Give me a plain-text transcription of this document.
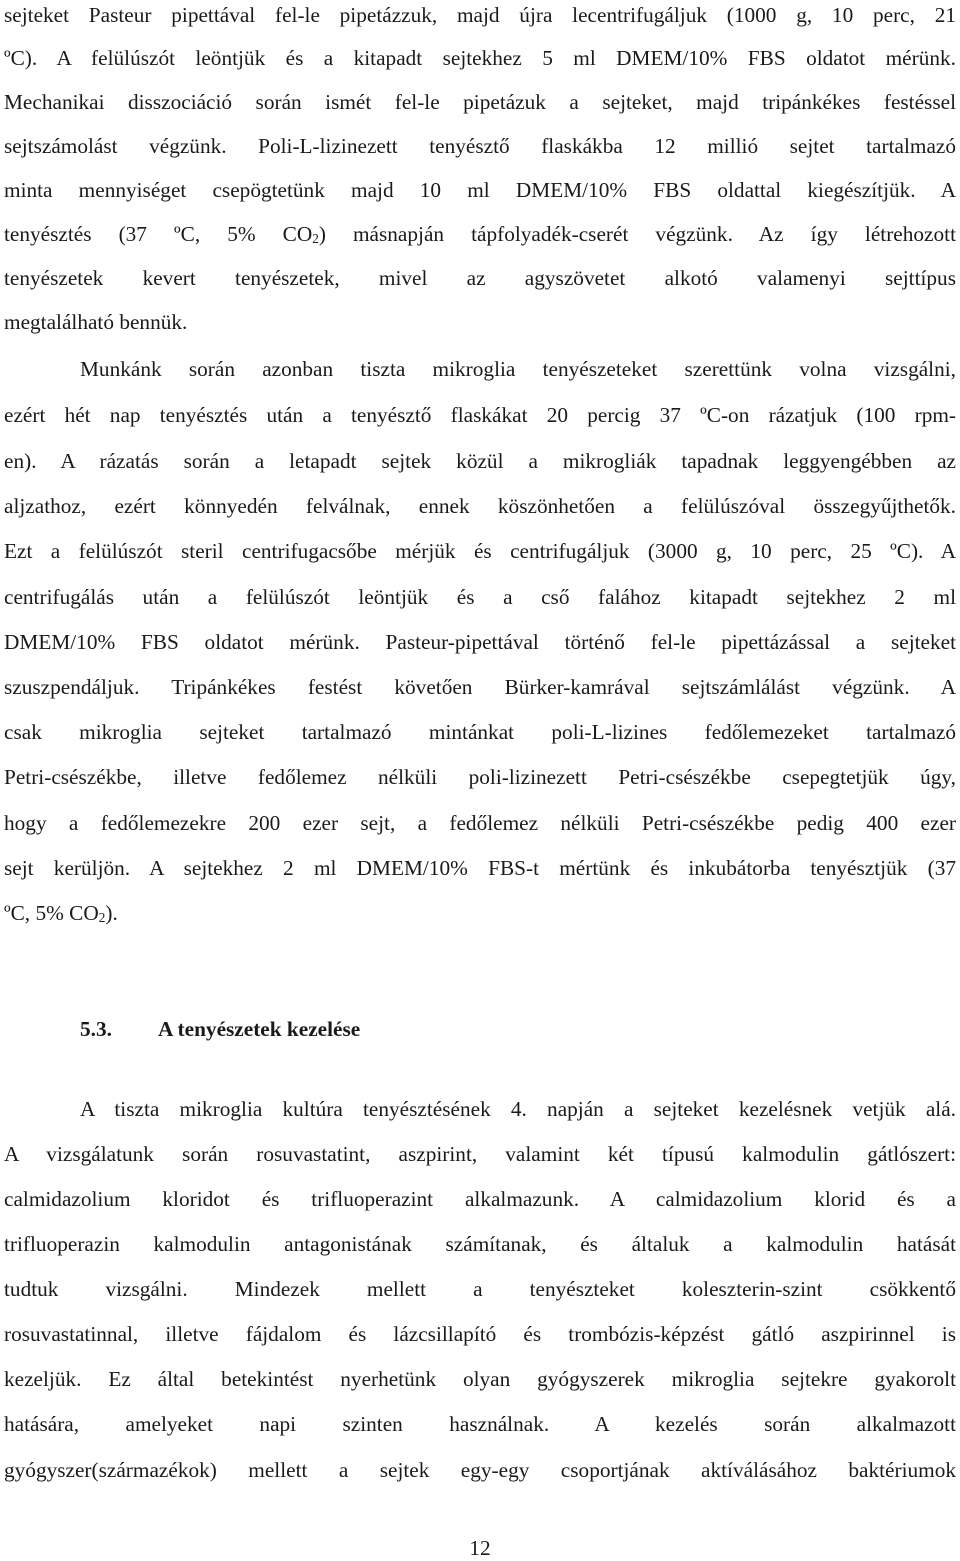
sejteket Pasteur pipettával fel-le pipetázzuk, majd újra lecentrifugáljuk (1000 g, 10 perc, 21
ºC). A felülúszót leöntjük és a kitapadt sejtekhez 5 ml DMEM/10% FBS oldatot mérünk.
Mechanikai disszociáció során ismét fel-le pipetázuk a sejteket, majd tripánkékes festéssel
sejtszámolást végzünk. Poli-L-lizinezett tenyésztő flaskákba 12 millió sejtet tartalmazó
minta mennyiséget csepögtetünk majd 10 ml DMEM/10% FBS oldattal kiegészítjük. A
tenyésztés (37 ºC, 5% $CO_2$) másnapján tápfolyadék-cserét végzünk. Az így létrehozott
tenyészetek kevert tenyészetek, mivel az agyszövetet alkotó valamenyi sejttípus
megtalálható bennük.
Munkánk során azonban tiszta mikroglia tenyészeteket szerettünk volna vizsgálni,
ezért hét nap tenyésztés után a tenyésztő flaskákat 20 percig 37 ºC-on rázatjuk (100 rpm-
en). A rázatás során a letapadt sejtek közül a mikrogliák tapadnak leggyengébben az
aljzathoz, ezért könnyedén felválnak, ennek köszönhetően a felülúszóval összegyűjthetők.
Ezt a felülúszót steril centrifugacsőbe mérjük és centrifugáljuk (3000 g, 10 perc, 25 ºC). A
centrifugálás után a felülúszót leöntjük és a cső falához kitapadt sejtekhez 2 ml
DMEM/10% FBS oldatot mérünk. Pasteur-pipettával történő fel-le pipettázással a sejteket
szuszpendáljuk. Tripánkékes festést követően Bürker-kamrával sejtszámlálást végzünk. A
csak mikroglia sejteket tartalmazó mintánkat poli-L-lizines fedőlemezeket tartalmazó
Petri-csészékbe, illetve fedőlemez nélküli poli-lizinezett Petri-csészékbe csepegtetjük úgy,
hogy a fedőlemezekre 200 ezer sejt, a fedőlemez nélküli Petri-csészékbe pedig 400 ezer
sejt kerüljön. A sejtekhez 2 ml DMEM/10% FBS-t mértünk és inkubátorba tenyésztjük (37
ºC, 5% $CO_2$).
5.3. A tenyészetek kezelése
A tiszta mikroglia kultúra tenyésztésének 4. napján a sejteket kezelésnek vetjük alá.
A vizsgálatunk során rosuvastatint, aszpirint, valamint két típusú kalmodulin gátlószert:
calmidazolium kloridot és trifluoperazint alkalmazunk. A calmidazolium klorid és a
trifluoperazin kalmodulin antagonistának számítanak, és általuk a kalmodulin hatását
tudtuk vizsgálni. Mindezek mellett a tenyészteket koleszterin-szint csökkentő
rosuvastatinnal, illetve fájdalom és lázcsillapító és trombózis-képzést gátló aszpirinnel is
kezeljük. Ez által betekintést nyerhetünk olyan gyógyszerek mikroglia sejtekre gyakorolt
hatására, amelyeket napi szinten használnak. A kezelés során alkalmazott
gyógyszer(származékok) mellett a sejtek egy-egy csoportjának aktíválásához baktériumok
12
